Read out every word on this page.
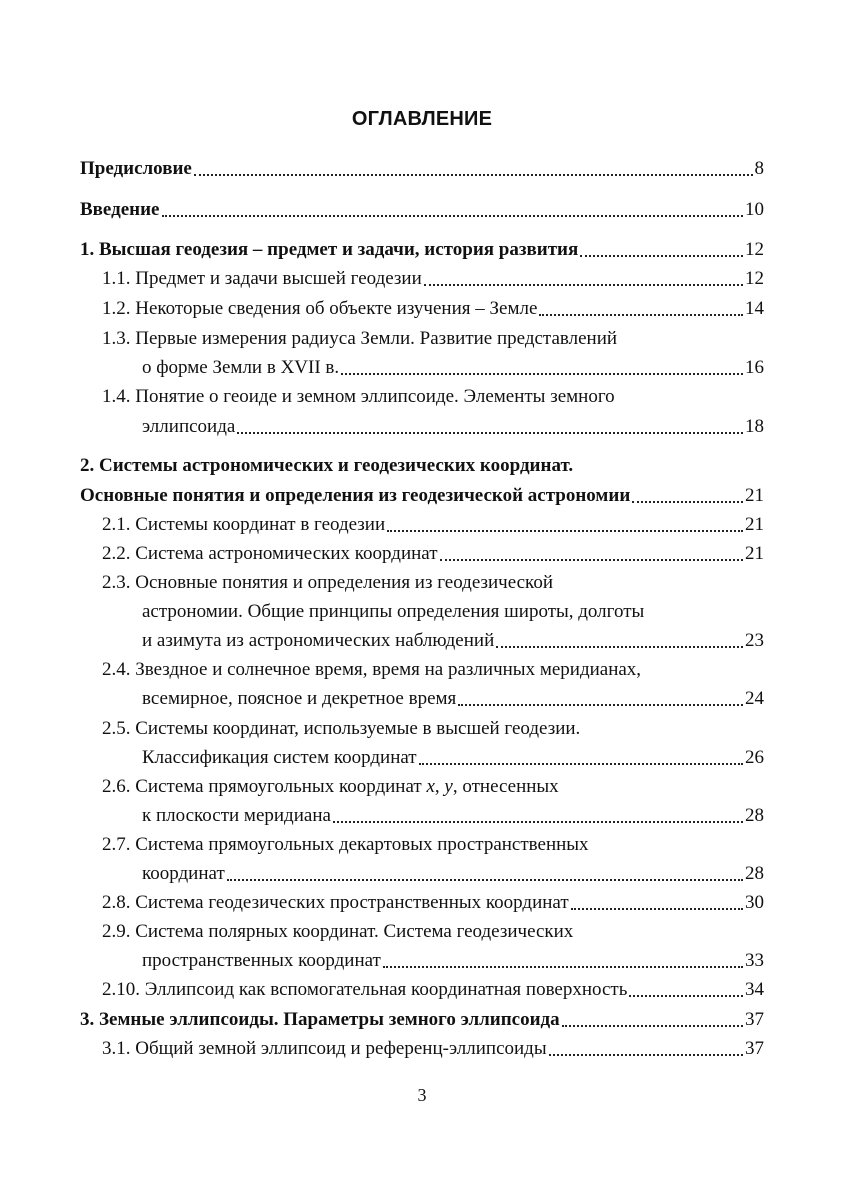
ОГЛАВЛЕНИЕ
Предисловие	8
Введение	10
1. Высшая геодезия – предмет и задачи, история развития	12
1.1. Предмет и задачи высшей геодезии	12
1.2. Некоторые сведения об объекте изучения – Земле	14
1.3. Первые измерения радиуса Земли. Развитие представлений
о форме Земли в XVII в.	16
1.4. Понятие о геоиде и земном эллипсоиде. Элементы земного
эллипсоида	18
2. Системы астрономических и геодезических координат.
Основные понятия и определения из геодезической астрономии	21
2.1. Системы координат в геодезии	21
2.2. Система астрономических координат	21
2.3. Основные понятия и определения из геодезической
астрономии. Общие принципы определения широты, долготы
и азимута из астрономических наблюдений	23
2.4. Звездное и солнечное время, время на различных меридианах,
всемирное, поясное и декретное время	24
2.5. Системы координат, используемые в высшей геодезии.
Классификация систем координат	26
2.6. Система прямоугольных координат x, y, отнесенных
к плоскости меридиана	28
2.7. Система прямоугольных декартовых пространственных
координат	28
2.8. Система геодезических пространственных координат	30
2.9. Система полярных координат. Система геодезических
пространственных координат	33
2.10. Эллипсоид как вспомогательная координатная поверхность	34
3. Земные эллипсоиды. Параметры земного эллипсоида	37
3.1. Общий земной эллипсоид и референц-эллипсоиды	37
3
